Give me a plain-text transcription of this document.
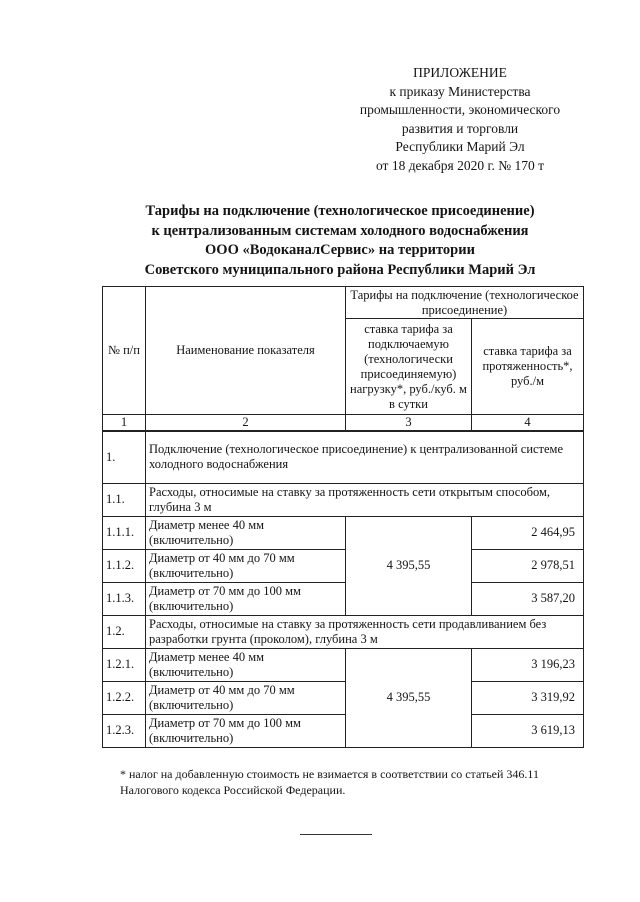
ПРИЛОЖЕНИЕ
к приказу Министерства
промышленности, экономического
развития и торговли
Республики Марий Эл
от 18 декабря 2020 г. № 170 т
Тарифы на подключение (технологическое присоединение)
к централизованным системам холодного водоснабжения
ООО «ВодоканалСервис» на территории
Советского муниципального района Республики Марий Эл
№ п/п	Наименование показателя	Тарифы на подключение (технологическое присоединение)	
		ставка тарифа за подключаемую (технологически присоединяемую) нагрузку*, руб./куб. м в сутки	ставка тарифа за протяженность*, руб./м
1	2	3	4
1.	Подключение (технологическое присоединение) к централизованной системе холодного водоснабжения		
1.1.	Расходы, относимые на ставку за протяженность сети открытым способом, глубина 3 м		
1.1.1.	Диаметр менее 40 мм (включительно)	4 395,55	2 464,95
1.1.2.	Диаметр от 40 мм до 70 мм (включительно)		2 978,51
1.1.3.	Диаметр от 70 мм до 100 мм (включительно)		3 587,20
1.2.	Расходы, относимые на ставку за протяженность сети продавливанием без разработки грунта (проколом), глубина 3 м		
1.2.1.	Диаметр менее 40 мм (включительно)	4 395,55	3 196,23
1.2.2.	Диаметр от 40 мм до 70 мм (включительно)		3 319,92
1.2.3.	Диаметр от 70 мм до 100 мм (включительно)		3 619,13
* налог на добавленную стоимость не взимается в соответствии со статьей 346.11 Налогового кодекса Российской Федерации.
